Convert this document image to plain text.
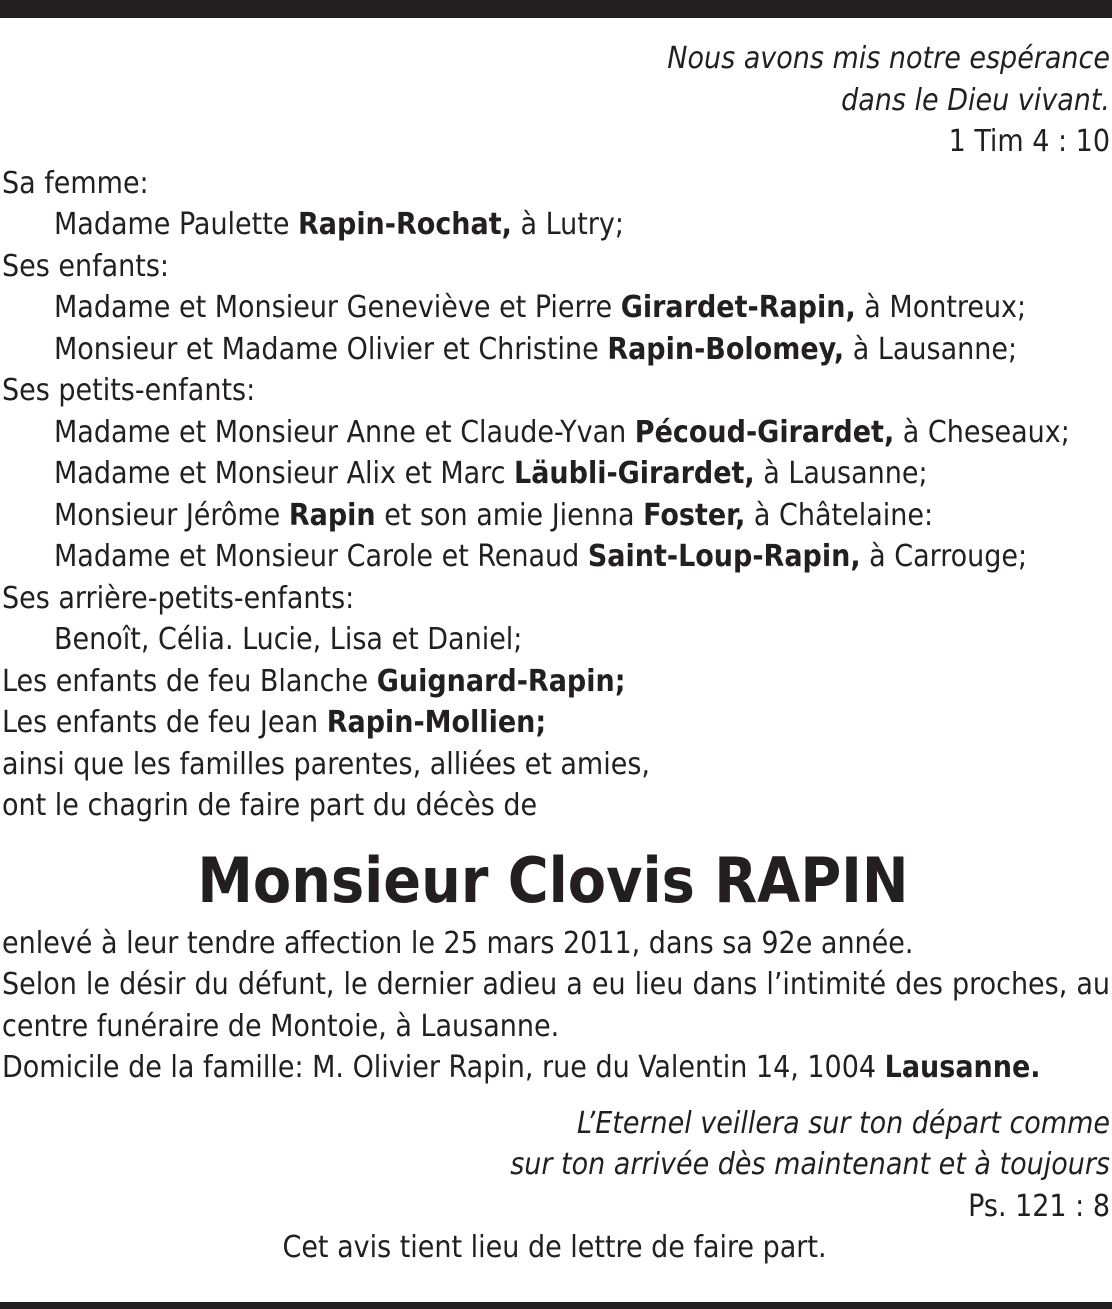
Nous avons mis notre espérance
dans le Dieu vivant.
1 Tim 4 : 10
Sa femme:
Madame Paulette Rapin-Rochat, à Lutry;
Ses enfants:
Madame et Monsieur Geneviève et Pierre Girardet-Rapin, à Montreux;
Monsieur et Madame Olivier et Christine Rapin-Bolomey, à Lausanne;
Ses petits-enfants:
Madame et Monsieur Anne et Claude-Yvan Pécoud-Girardet, à Cheseaux;
Madame et Monsieur Alix et Marc Läubli-Girardet, à Lausanne;
Monsieur Jérôme Rapin et son amie Jienna Foster, à Châtelaine:
Madame et Monsieur Carole et Renaud Saint-Loup-Rapin, à Carrouge;
Ses arrière-petits-enfants:
Benoît, Célia. Lucie, Lisa et Daniel;
Les enfants de feu Blanche Guignard-Rapin;
Les enfants de feu Jean Rapin-Mollien;
ainsi que les familles parentes, alliées et amies,
ont le chagrin de faire part du décès de
Monsieur Clovis RAPIN
enlevé à leur tendre affection le 25 mars 2011, dans sa 92e année.
Selon le désir du défunt, le dernier adieu a eu lieu dans l’intimité des proches, au centre funéraire de Montoie, à Lausanne.
Domicile de la famille: M. Olivier Rapin, rue du Valentin 14, 1004 Lausanne.
L’Eternel veillera sur ton départ comme
sur ton arrivée dès maintenant et à toujours
Ps. 121 : 8
Cet avis tient lieu de lettre de faire part.
